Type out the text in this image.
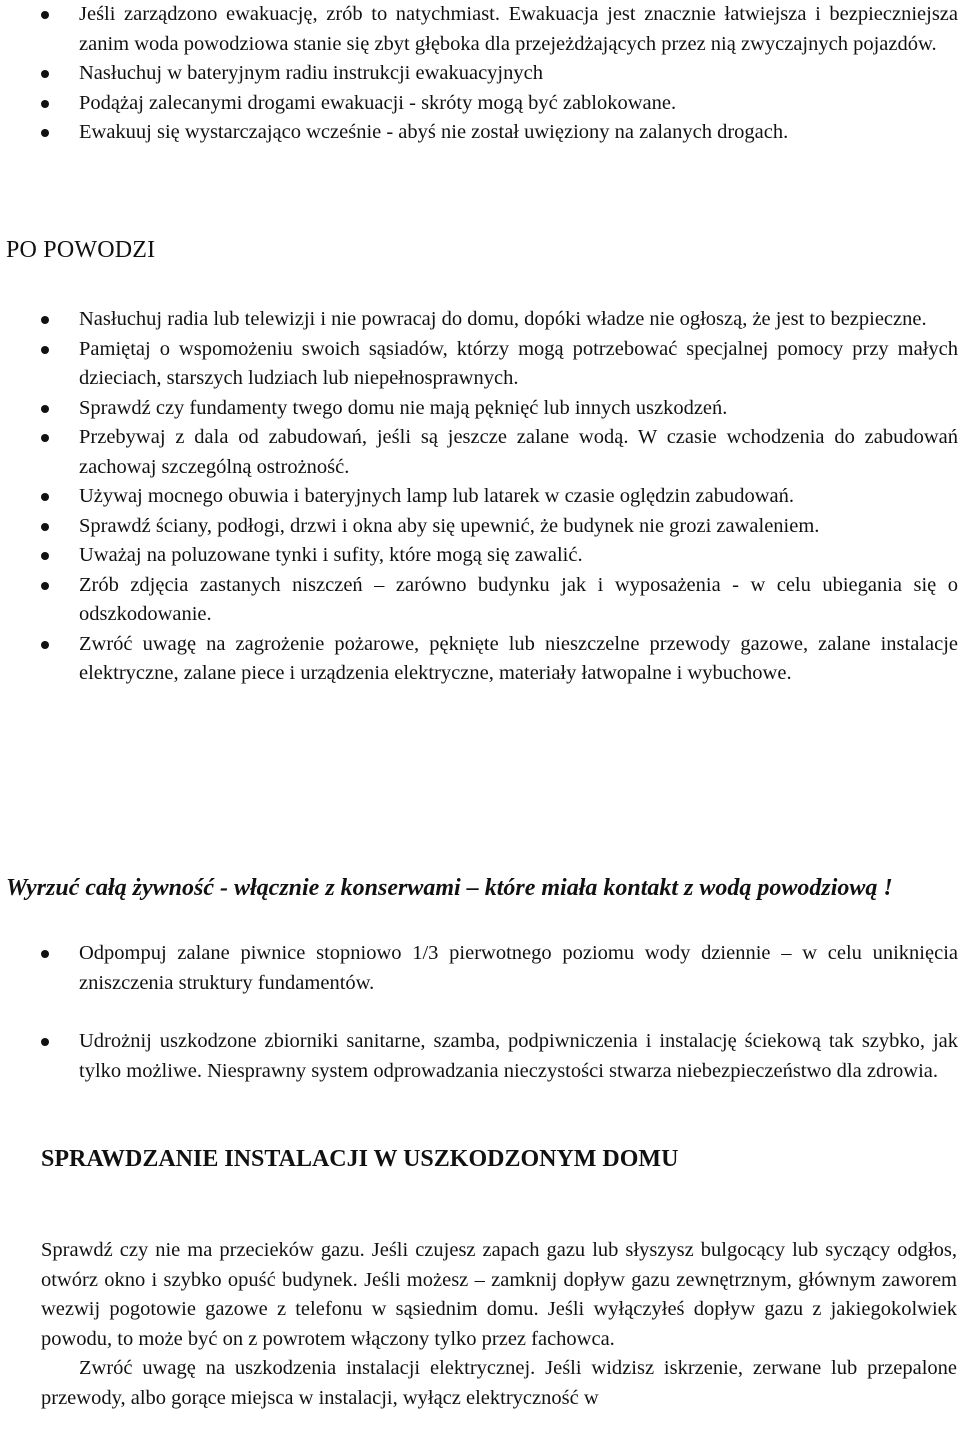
Jeśli zarządzono ewakuację, zrób to natychmiast. Ewakuacja jest znacznie łatwiejsza i bezpieczniejsza zanim woda powodziowa stanie się zbyt głęboka dla przejeżdżających przez nią zwyczajnych pojazdów.
Nasłuchuj w bateryjnym radiu instrukcji ewakuacyjnych
Podążaj zalecanymi drogami ewakuacji - skróty mogą być zablokowane.
Ewakuuj się wystarczająco wcześnie - abyś nie został uwięziony na zalanych drogach.
PO POWODZI
Nasłuchuj radia lub telewizji i nie powracaj do domu, dopóki władze nie ogłoszą, że jest to bezpieczne.
Pamiętaj o wspomożeniu swoich sąsiadów, którzy mogą potrzebować specjalnej pomocy przy małych dzieciach, starszych ludziach lub niepełnosprawnych.
Sprawdź czy fundamenty twego domu nie mają pęknięć lub innych uszkodzeń.
Przebywaj z dala od zabudowań, jeśli są jeszcze zalane wodą. W czasie wchodzenia do zabudowań zachowaj szczególną ostrożność.
Używaj mocnego obuwia i bateryjnych lamp lub latarek w czasie oględzin zabudowań.
Sprawdź ściany, podłogi, drzwi i okna aby się upewnić, że budynek nie grozi zawaleniem.
Uważaj na poluzowane tynki i sufity, które mogą się zawalić.
Zrób zdjęcia zastanych niszczeń – zarówno budynku jak i wyposażenia - w celu ubiegania się o odszkodowanie.
Zwróć uwagę na zagrożenie pożarowe, pęknięte lub nieszczelne przewody gazowe, zalane instalacje elektryczne, zalane piece i urządzenia elektryczne, materiały łatwopalne i wybuchowe.
Wyrzuć całą żywność - włącznie z konserwami – które miała kontakt z wodą powodziową !
Odpompuj zalane piwnice stopniowo 1/3 pierwotnego poziomu wody dziennie – w celu uniknięcia zniszczenia struktury fundamentów.
Udrożnij uszkodzone zbiorniki sanitarne, szamba, podpiwniczenia i instalację ściekową tak szybko, jak tylko możliwe. Niesprawny system odprowadzania nieczystości stwarza niebezpieczeństwo dla zdrowia.
SPRAWDZANIE INSTALACJI W USZKODZONYM DOMU

Sprawdź czy nie ma przecieków gazu. Jeśli czujesz zapach gazu lub słyszysz bulgocący lub syczący odgłos, otwórz okno i szybko opuść budynek. Jeśli możesz – zamknij dopływ gazu zewnętrznym, głównym zaworem wezwij pogotowie gazowe z telefonu w sąsiednim domu. Jeśli wyłączyłeś dopływ gazu z jakiegokolwiek powodu, to może być on z powrotem włączony tylko przez fachowca.

Zwróć uwagę na uszkodzenia instalacji elektrycznej. Jeśli widzisz iskrzenie, zerwane lub przepalone przewody, albo gorące miejsca w instalacji, wyłącz elektryczność w
